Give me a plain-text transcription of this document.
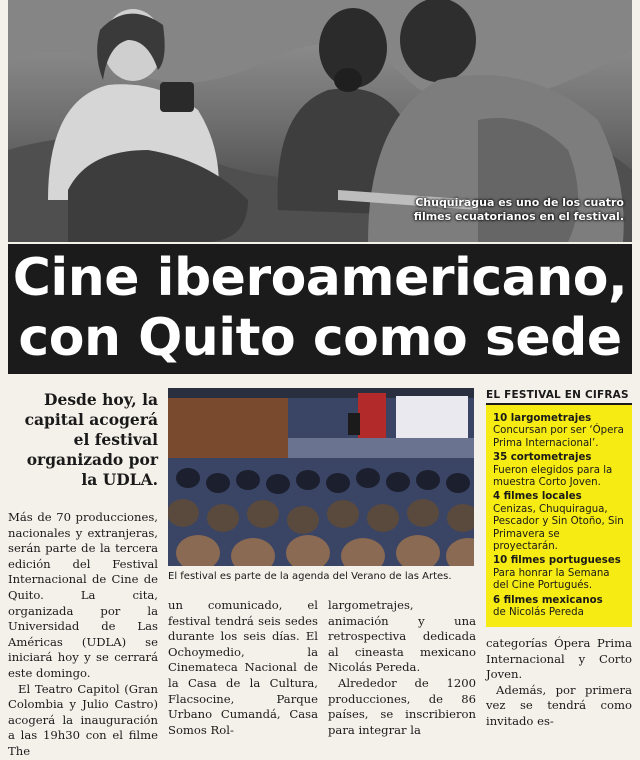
Chuquiragua es uno de los cuatro filmes ecuatorianos en el festival.
Cine iberoamericano,
con Quito como sede
Desde hoy, la capital acogerá el festival organizado por la UDLA.

Más de 70 producciones, nacionales y extranjeras, serán parte de la tercera edición del Festival Internacional de Cine de Quito. La cita, organizada por la Universidad de Las Américas (UDLA) se iniciará hoy y se cerrará este domingo.

El Teatro Capitol (Gran Colombia y Julio Castro) acogerá la inauguración a las 19h30 con el filme The

El festival es parte de la agenda del Verano de las Artes.

un comunicado, el festival tendrá seis sedes durante los seis días. El Ochoymedio, la Cinemateca Nacional de la Casa de la Cultura, Flacsocine, Parque Urbano Cumandá, Casa Somos Rol-

largometrajes, animación y una retrospectiva dedicada al cineasta mexicano Nicolás Pereda.

Alrededor de 1200 producciones, de 86 países, se inscribieron para integrar la

EL FESTIVAL EN CIFRAS
10 largometrajes
Concursan por ser ‘Ópera Prima Internacional’.
35 cortometrajes
Fueron elegidos para la muestra Corto Joven.
4 filmes locales
Cenizas, Chuquiragua, Pescador y Sin Otoño, Sin Primavera se proyectarán.
10 filmes portugueses
Para honrar la Semana del Cine Portugués.
6 filmes mexicanos
de Nicolás Pereda

categorías Ópera Prima Internacional y Corto Joven.

Además, por primera vez se tendrá como invitado es-
